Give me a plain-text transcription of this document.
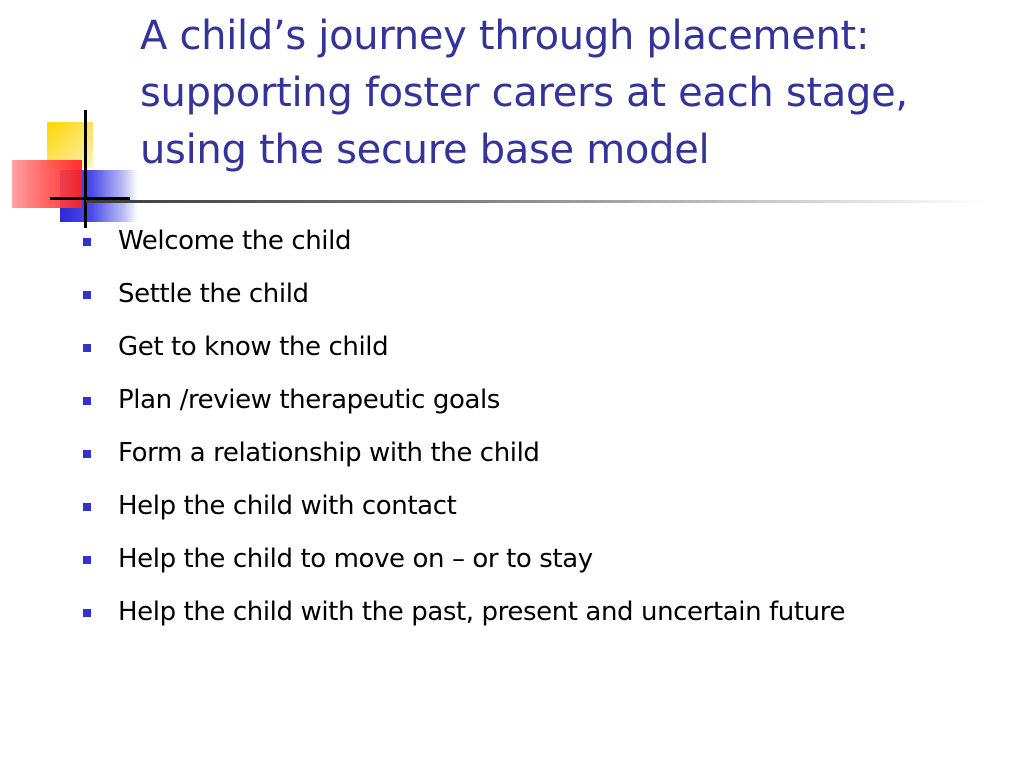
A child’s journey through placement: supporting foster carers at each stage, using the secure base model
Welcome the child
Settle the child
Get to know the child
Plan /review therapeutic goals
Form a relationship with the child
Help the child with contact
Help the child to move on – or to stay
Help the child with the past, present and uncertain future
